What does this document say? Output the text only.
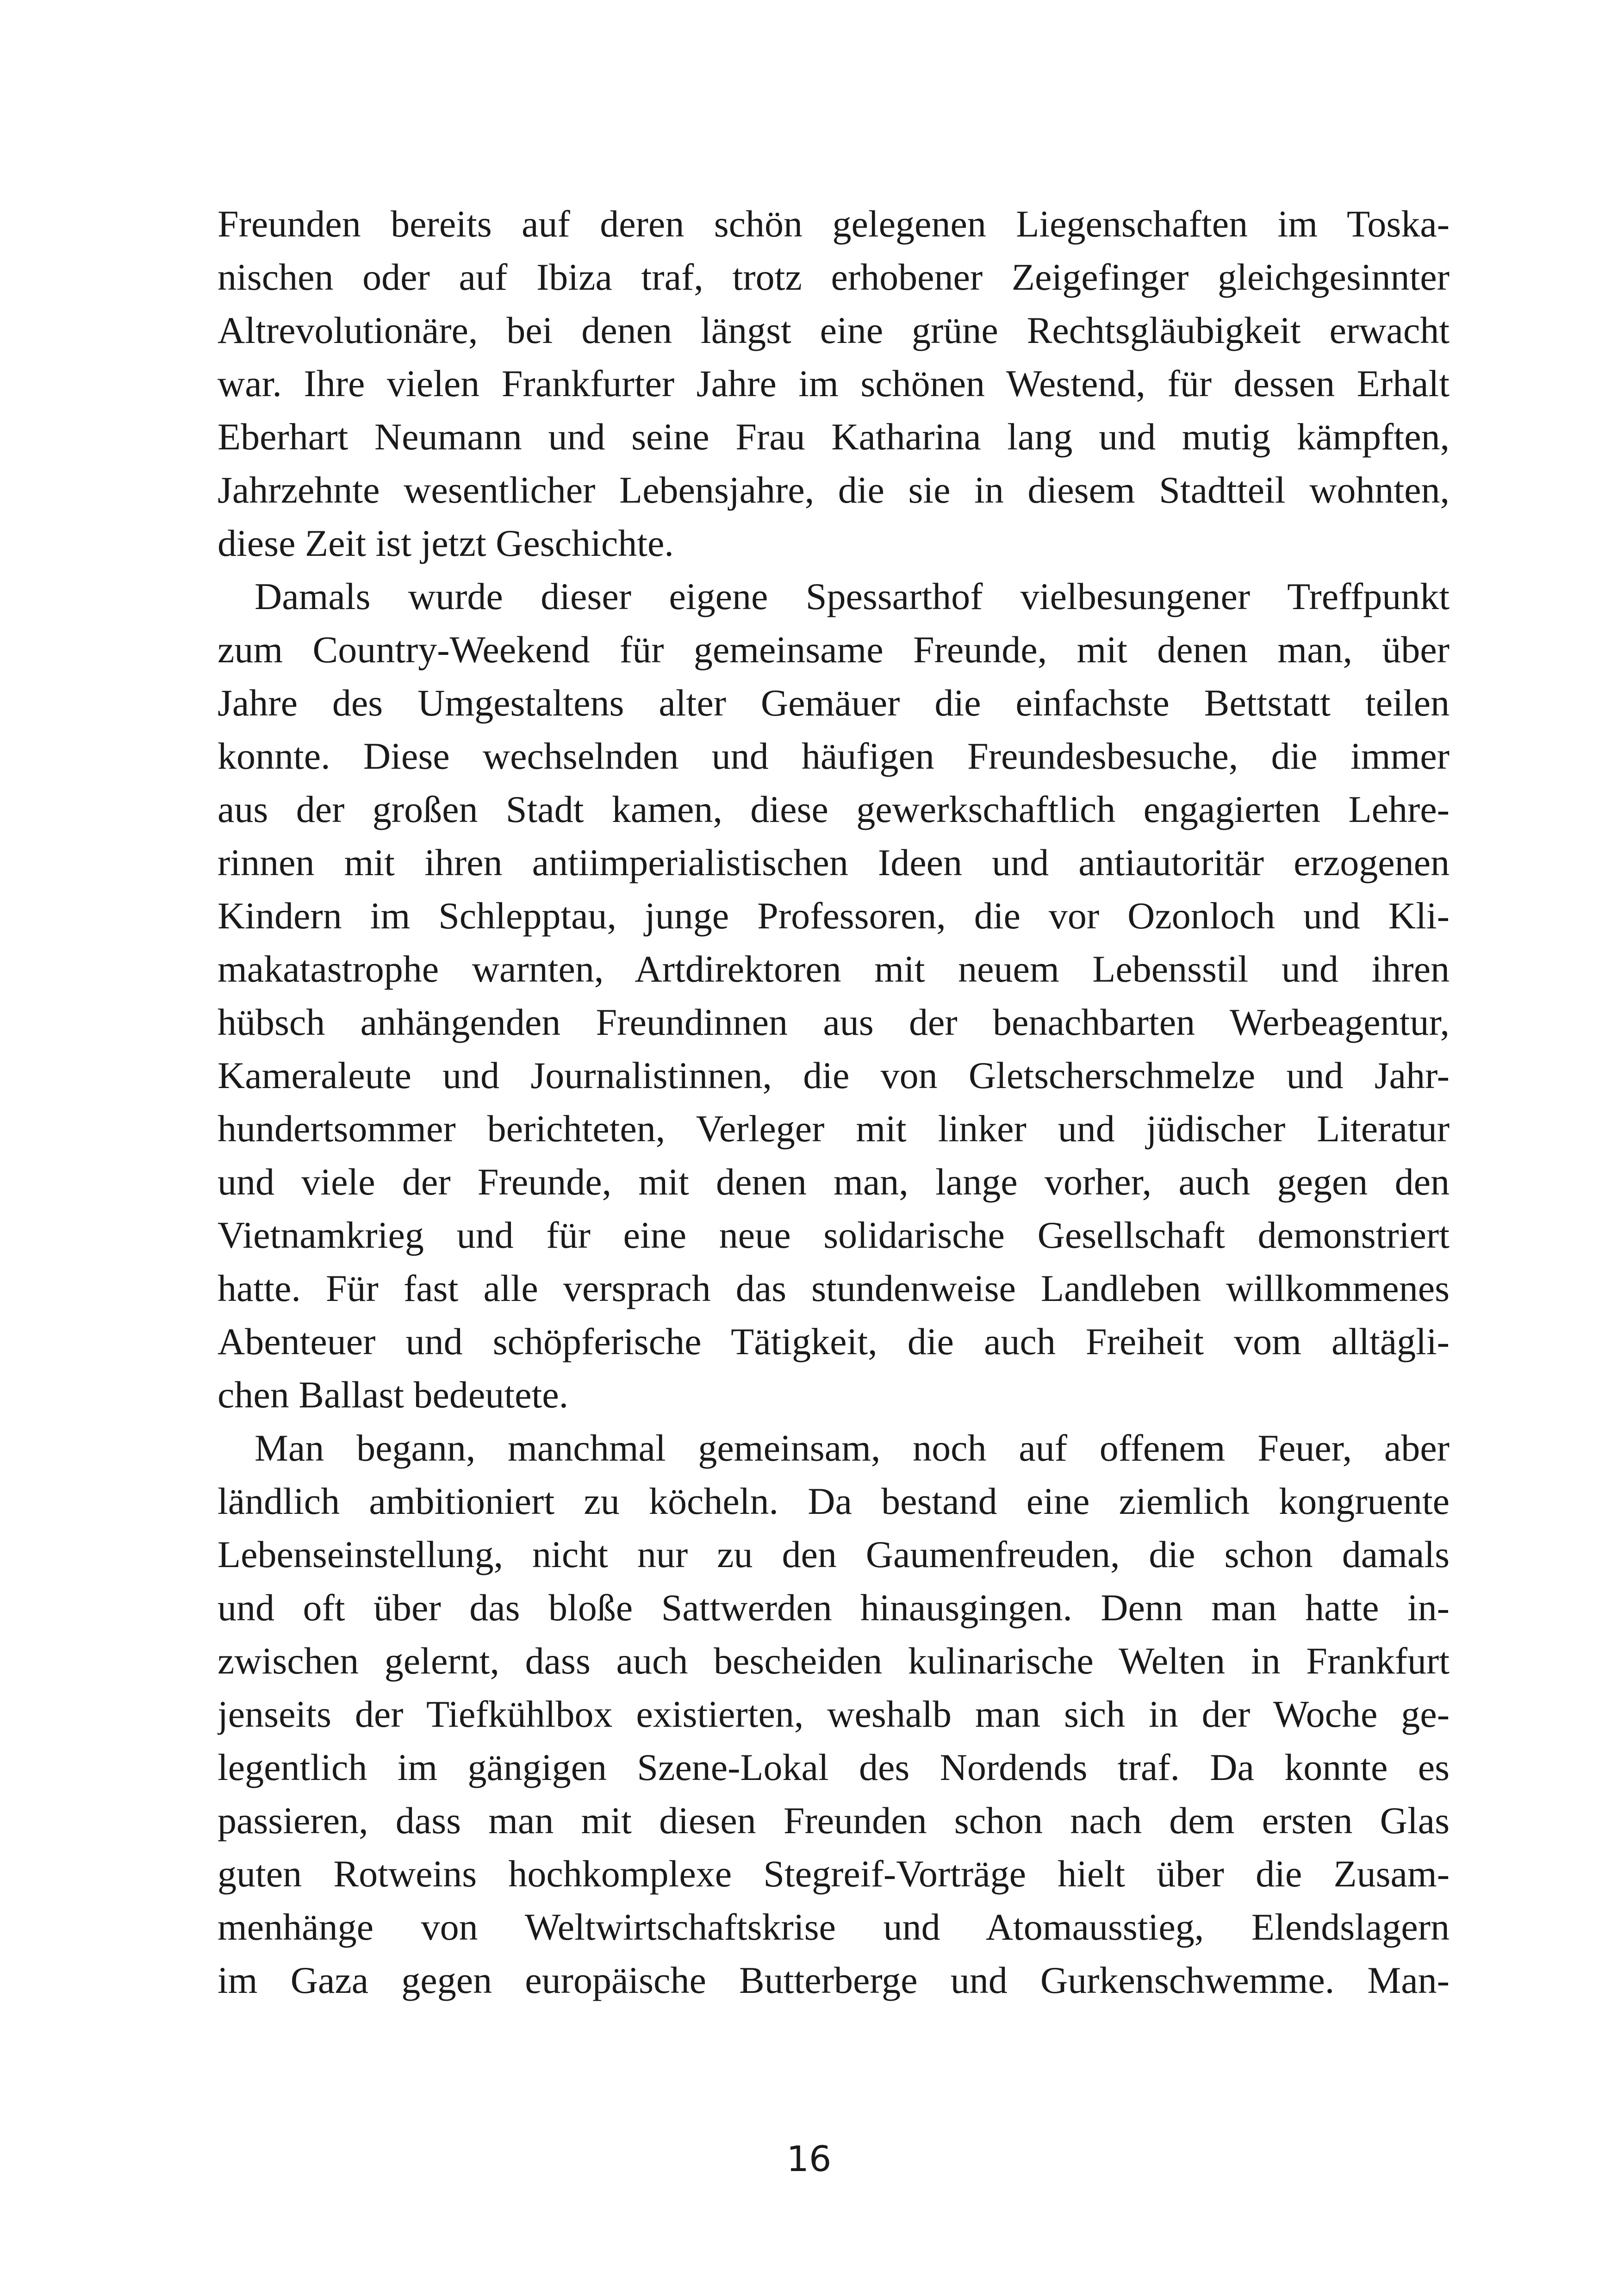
Freunden bereits auf deren schön gelegenen Liegenschaften im Toska-
nischen oder auf Ibiza traf, trotz erhobener Zeigefinger gleichgesinnter
Altrevolutionäre, bei denen längst eine grüne Rechtsgläubigkeit erwacht
war. Ihre vielen Frankfurter Jahre im schönen Westend, für dessen Erhalt
Eberhart Neumann und seine Frau Katharina lang und mutig kämpften,
Jahrzehnte wesentlicher Lebensjahre, die sie in diesem Stadtteil wohnten,
diese Zeit ist jetzt Geschichte.
Damals wurde dieser eigene Spessarthof vielbesungener Treffpunkt
zum Country-Weekend für gemeinsame Freunde, mit denen man, über
Jahre des Umgestaltens alter Gemäuer die einfachste Bettstatt teilen
konnte. Diese wechselnden und häufigen Freundesbesuche, die immer
aus der großen Stadt kamen, diese gewerkschaftlich engagierten Lehre-
rinnen mit ihren antiimperialistischen Ideen und antiautoritär erzogenen
Kindern im Schlepptau, junge Professoren, die vor Ozonloch und Kli-
makatastrophe warnten, Artdirektoren mit neuem Lebensstil und ihren
hübsch anhängenden Freundinnen aus der benachbarten Werbeagentur,
Kameraleute und Journalistinnen, die von Gletscherschmelze und Jahr-
hundertsommer berichteten, Verleger mit linker und jüdischer Literatur
und viele der Freunde, mit denen man, lange vorher, auch gegen den
Vietnamkrieg und für eine neue solidarische Gesellschaft demonstriert
hatte. Für fast alle versprach das stundenweise Landleben willkommenes
Abenteuer und schöpferische Tätigkeit, die auch Freiheit vom alltägli-
chen Ballast bedeutete.
Man begann, manchmal gemeinsam, noch auf offenem Feuer, aber
ländlich ambitioniert zu köcheln. Da bestand eine ziemlich kongruente
Lebenseinstellung, nicht nur zu den Gaumenfreuden, die schon damals
und oft über das bloße Sattwerden hinausgingen. Denn man hatte in-
zwischen gelernt, dass auch bescheiden kulinarische Welten in Frankfurt
jenseits der Tiefkühlbox existierten, weshalb man sich in der Woche ge-
legentlich im gängigen Szene-Lokal des Nordends traf. Da konnte es
passieren, dass man mit diesen Freunden schon nach dem ersten Glas
guten Rotweins hochkomplexe Stegreif-Vorträge hielt über die Zusam-
menhänge von Weltwirtschaftskrise und Atomausstieg, Elendslagern
im Gaza gegen europäische Butterberge und Gurkenschwemme. Man-
16
